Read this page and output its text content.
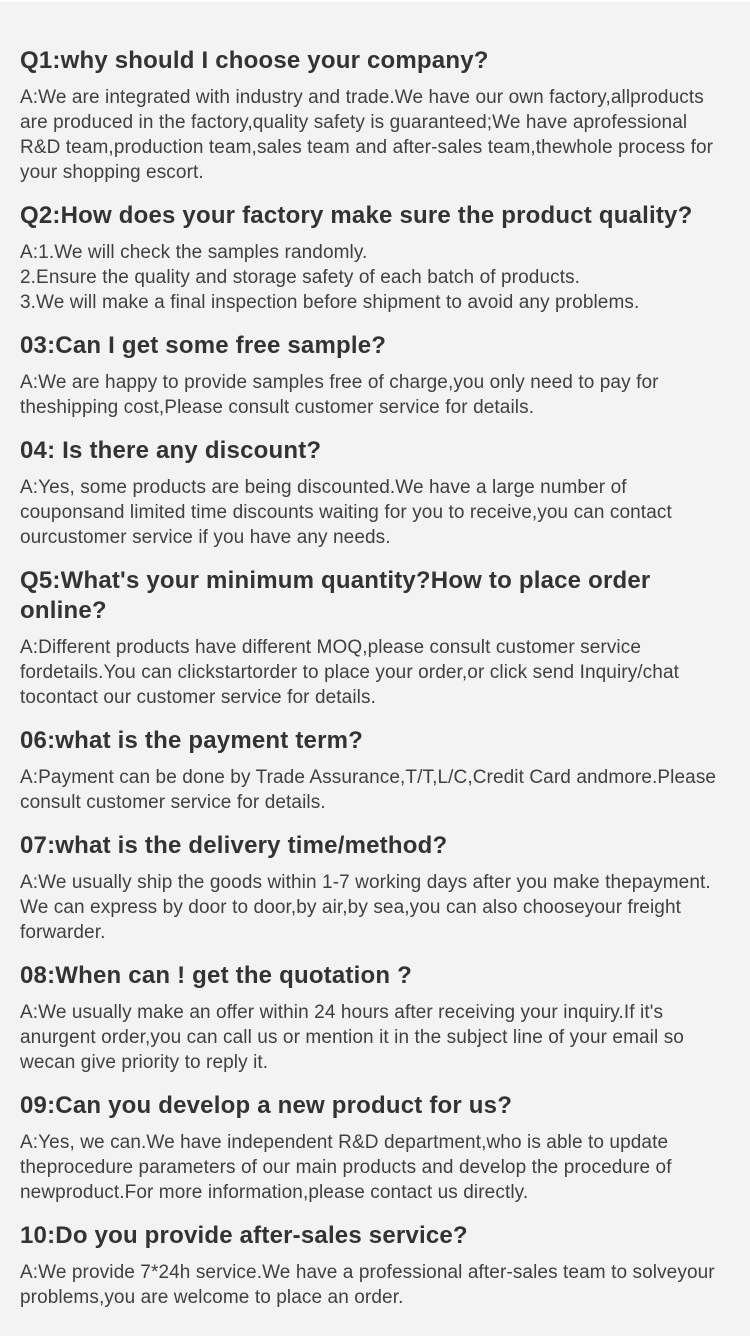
Q1:why should I choose your company?

A:We are integrated with industry and trade.We have our own factory,allproducts are produced in the factory,quality safety is guaranteed;We have aprofessional R&D team,production team,sales team and after-sales team,thewhole process for your shopping escort.

Q2:How does your factory make sure the product quality?

A:1.We will check the samples randomly.

2.Ensure the quality and storage safety of each batch of products.

3.We will make a final inspection before shipment to avoid any problems.

03:Can I get some free sample?

A:We are happy to provide samples free of charge,you only need to pay for theshipping cost,Please consult customer service for details.

04: Is there any discount?

A:Yes, some products are being discounted.We have a large number of couponsand limited time discounts waiting for you to receive,you can contact ourcustomer service if you have any needs.

Q5:What's your minimum quantity?How to place order online?

A:Different products have different MOQ,please consult customer service fordetails.You can clickstartorder to place your order,or click send Inquiry/chat tocontact our customer service for details.

06:what is the payment term?

A:Payment can be done by Trade Assurance,T/T,L/C,Credit Card andmore.Please consult customer service for details.

07:what is the delivery time/method?

A:We usually ship the goods within 1-7 working days after you make thepayment. We can express by door to door,by air,by sea,you can also chooseyour freight forwarder.

08:When can ! get the quotation ?

A:We usually make an offer within 24 hours after receiving your inquiry.If it's anurgent order,you can call us or mention it in the subject line of your email so wecan give priority to reply it.

09:Can you develop a new product for us?

A:Yes, we can.We have independent R&D department,who is able to update theprocedure parameters of our main products and develop the procedure of newproduct.For more information,please contact us directly.

10:Do you provide after-sales service?

A:We provide 7*24h service.We have a professional after-sales team to solveyour problems,you are welcome to place an order.
